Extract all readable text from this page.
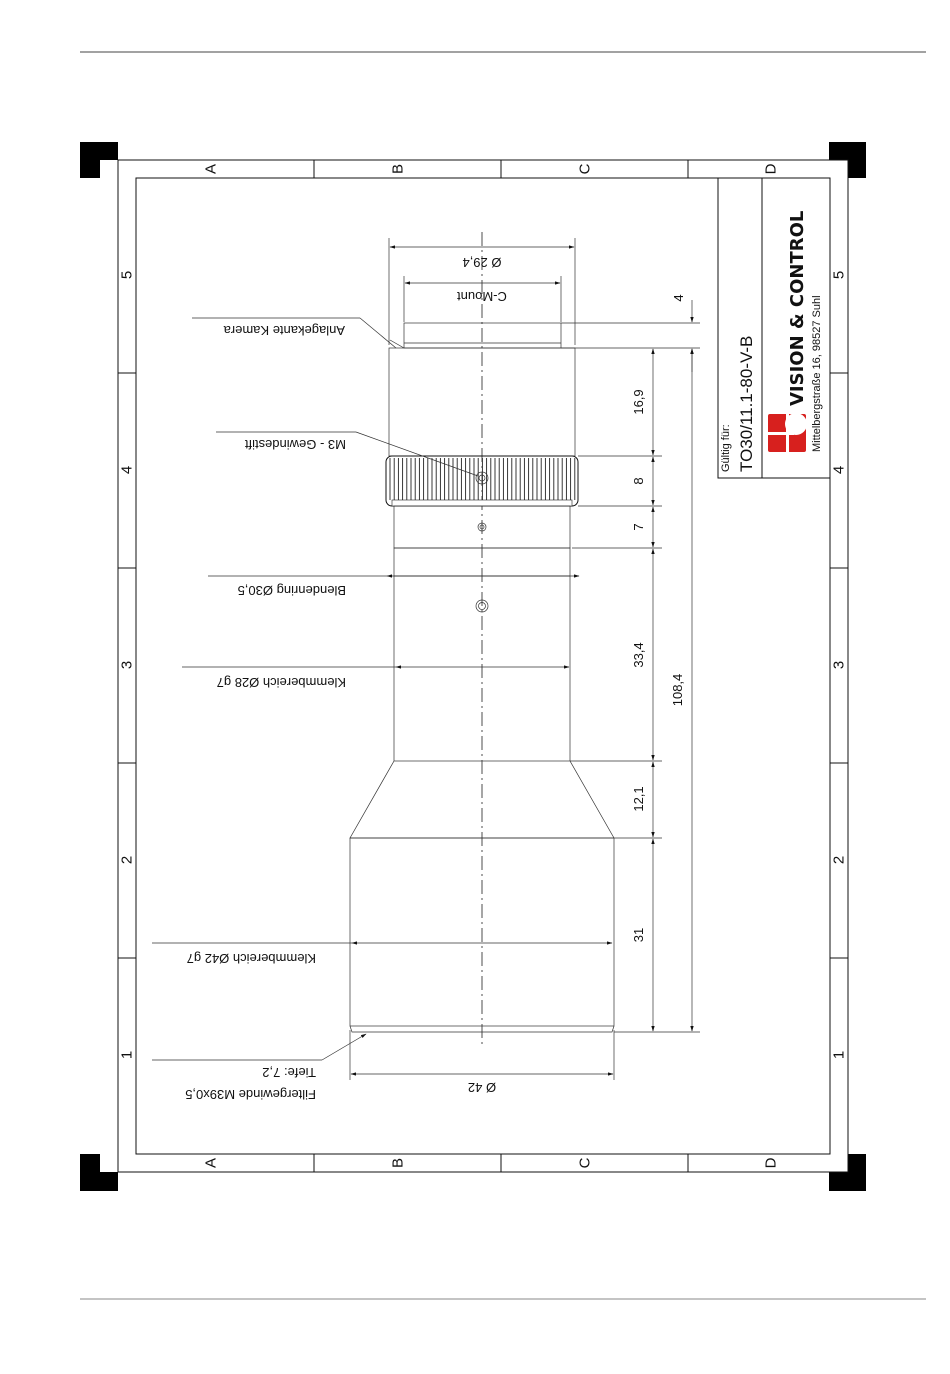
A	B	C	D
A	B	C	D
1
2
3
4
5
1
2
3
4
5
Gültig für: TO30/11.1-80-V-B VISION & CONTROL Mittelbergstraße 16, 98527 Suhl
Ø 29,4
C-Mount
Ø 42
4
16,9
8
7
33,4
12,1
31
108,4
Anlagekante Kamera
M3 - Gewindestift
Blendenring Ø30,5
Klemmbereich Ø28 g7
Klemmbereich Ø42 g7
Tiefe: 7,2
Filtergewinde M39x0,5
